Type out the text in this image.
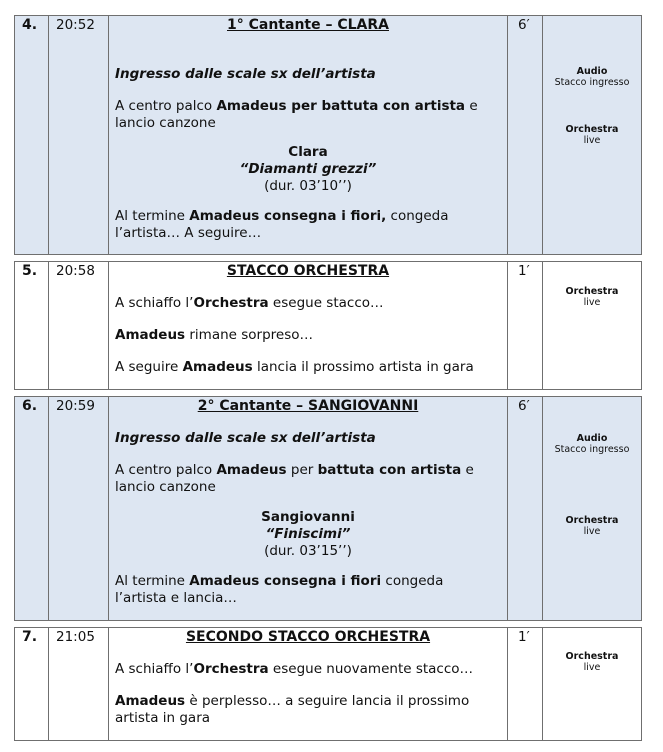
4. 20:52	1° Cantante – CLARA
Ingresso dalle scale sx dell’artista
A centro palco Amadeus per battuta con artista e lancio canzone
Clara
“Diamanti grezzi”
(dur. 03’10’’)
Al termine Amadeus consegna i fiori, congeda l’artista… A seguire…
6′
Audio
Stacco ingresso
Orchestra
live
5. 20:58	STACCO ORCHESTRA
A schiaffo l’Orchestra esegue stacco…
Amadeus rimane sorpreso…
A seguire Amadeus lancia il prossimo artista in gara
1′
Orchestra
live
6. 20:59	2° Cantante – SANGIOVANNI
Ingresso dalle scale sx dell’artista
A centro palco Amadeus per battuta con artista e lancio canzone
Sangiovanni
“Finiscimi”
(dur. 03’15’’)
Al termine Amadeus consegna i fiori congeda l’artista e lancia…
6′
Audio
Stacco ingresso
Orchestra
live
7. 21:05	SECONDO STACCO ORCHESTRA
A schiaffo l’Orchestra esegue nuovamente stacco…
Amadeus è perplesso… a seguire lancia il prossimo artista in gara
1′
Orchestra
live
